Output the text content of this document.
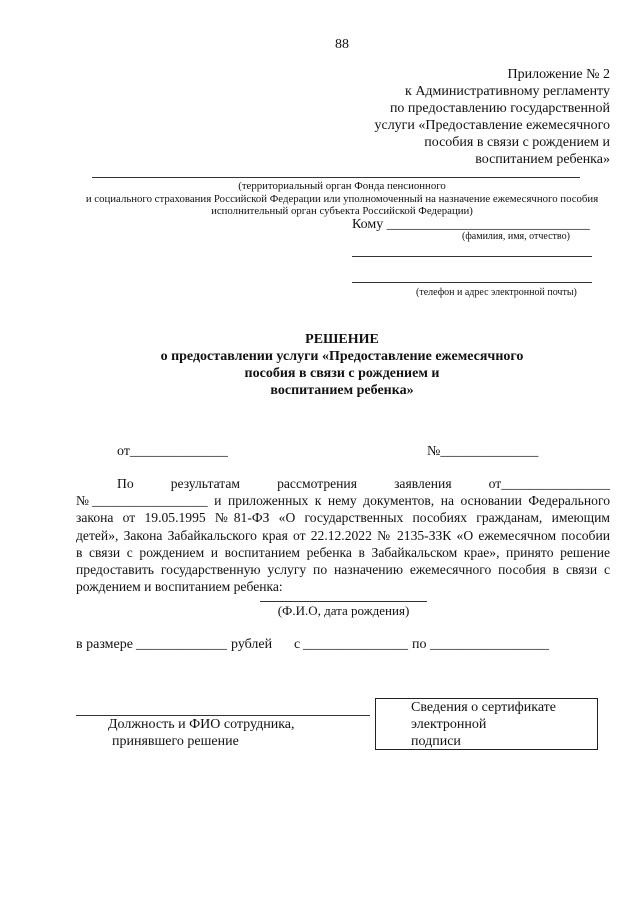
88
Приложение № 2
к Административному регламенту
по предоставлению государственной
услуги «Предоставление ежемесячного
пособия в связи с рождением и
воспитанием ребенка»
(территориальный орган Фонда пенсионного
и социального страхования Российской Федерации или уполномоченный на назначение ежемесячного пособия
исполнительный орган субъекта Российской Федерации)
Кому _____________________________
(фамилия, имя, отчество)
(телефон и адрес электронной почты)
РЕШЕНИЕ
о предоставлении услуги «Предоставление ежемесячного
пособия в связи с рождением и
воспитанием ребенка»
от______________	№______________
По результатам рассмотрения заявления от________________
№_________________ и приложенных к нему документов, на основании Федерального
закона от 19.05.1995 №81-ФЗ «О государственных пособиях гражданам, имеющим
детей», Закона Забайкальского края от 22.12.2022 № 2135-ЗЗК «О ежемесячном пособии
в связи с рождением и воспитанием ребенка в Забайкальском крае», принято решение
предоставить государственную услугу по назначению ежемесячного пособия в связи с
рождением и воспитанием ребенка:
(Ф.И.О, дата рождения)
в размере _____________ рублей с _______________ по _________________
Должность и ФИО сотрудника,
принявшего решение
Сведения о сертификате
электронной
подписи
